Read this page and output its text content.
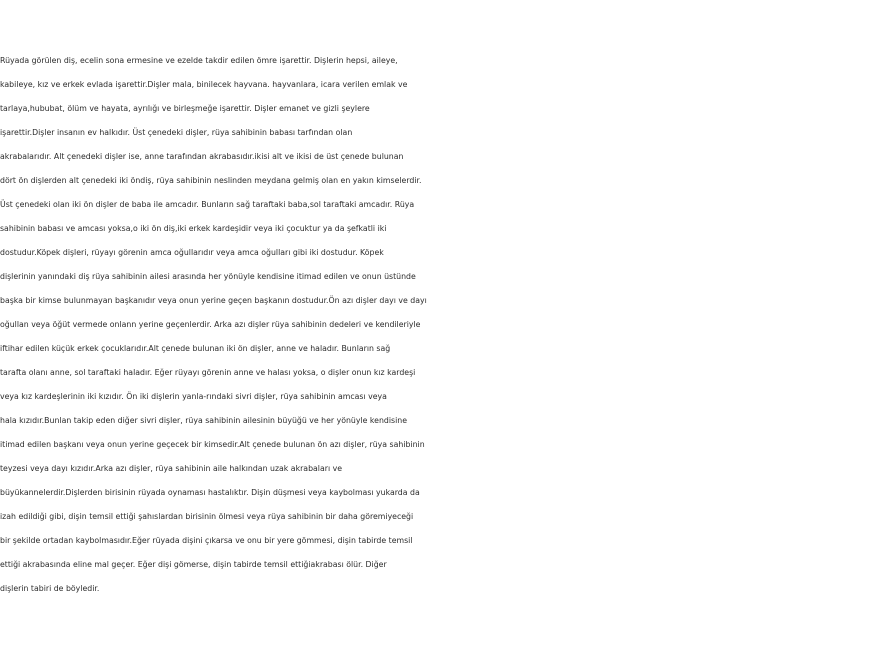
Rüyada görülen diş, ecelin sona ermesine ve ezelde takdir edilen ömre işarettir. Dişlerin hepsi, aileye,
kabileye, kız ve erkek evlada işarettir.Dişler mala, binilecek hayvana. hayvanlara, icara verilen emlak ve
tarlaya,hububat, ölüm ve hayata, ayrılığı ve birleşmeğe işarettir. Dişler emanet ve gizli şeylere
işarettir.Dişler insanın ev halkıdır. Üst çenedeki dişler, rüya sahibinin babası tarfından olan
akrabalarıdır. Alt çenedeki dişler ise, anne tarafından akrabasıdır.ikisi alt ve ikisi de üst çenede bulunan
dört ön dişlerden alt çenedeki iki öndiş, rüya sahibinin neslinden meydana gelmiş olan en yakın kimselerdir.
Üst çenedeki olan iki ön dişler de baba ile amcadır. Bunların sağ taraftaki baba,sol taraftaki amcadır. Rüya
sahibinin babası ve amcası yoksa,o iki ön diş,iki erkek kardeşidir veya iki çocuktur ya da şefkatli iki
dostudur.Köpek dişleri, rüyayı görenin amca oğullarıdır veya amca oğulları gibi iki dostudur. Köpek
dişlerinin yanındaki diş rüya sahibinin ailesi arasında her yönüyle kendisine itimad edilen ve onun üstünde
başka bir kimse bulunmayan başkanıdır veya onun yerine geçen başkanın dostudur.Ön azı dişler dayı ve dayı
oğullan veya öğüt vermede onlann yerine geçenlerdir. Arka azı dişler rüya sahibinin dedeleri ve kendileriyle
iftihar edilen küçük erkek çocuklarıdır.Alt çenede bulunan iki ön dişler, anne ve haladır. Bunların sağ
tarafta olanı anne, sol taraftaki haladır. Eğer rüyayı görenin anne ve halası yoksa, o dişler onun kız kardeşi
veya kız kardeşlerinin iki kızıdır. Ön iki dişlerin yanla-rındaki sivri dişler, rüya sahibinin amcası veya
hala kızıdır.Bunlan takip eden diğer sivri dişler, rüya sahibinin ailesinin büyüğü ve her yönüyle kendisine
itimad edilen başkanı veya onun yerine geçecek bir kimsedir.Alt çenede bulunan ön azı dişler, rüya sahibinin
teyzesi veya dayı kızıdır.Arka azı dişler, rüya sahibinin aile halkından uzak akrabaları ve
büyükannelerdir.Dişlerden birisinin rüyada oynaması hastalıktır. Dişin düşmesi veya kaybolması yukarda da
izah edildiği gibi, dişin temsil ettiği şahıslardan birisinin ölmesi veya rüya sahibinin bir daha göremiyeceği
bir şekilde ortadan kaybolmasıdır.Eğer rüyada dişini çıkarsa ve onu bir yere gömmesi, dişin tabirde temsil
ettiği akrabasında eline mal geçer. Eğer dişi gömerse, dişin tabirde temsil ettiğiakrabası ölür. Diğer
dişlerin tabiri de böyledir.
